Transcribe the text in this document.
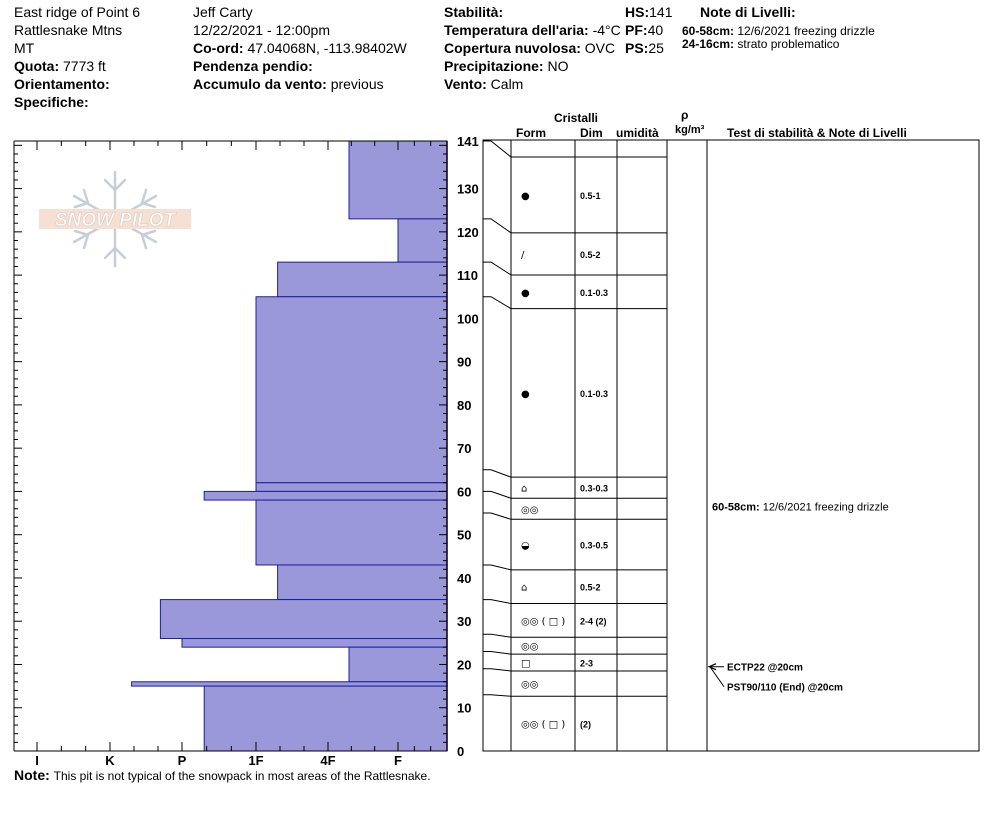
East ridge of Point 6
Rattlesnake Mtns
MT
Quota: 7773 ft
Orientamento:
Specifiche:
Jeff Carty
12/22/2021 - 12:00pm
Co-ord: 47.04068N, -113.98402W
Pendenza pendio:
Accumulo da vento: previous
Stabilità:
Temperatura dell'aria: -4°C
Copertura nuvolosa: OVC
Precipitazione: NO
Vento: Calm
HS:141
PF:40
PS:25
Note di Livelli:
60-58cm: 12/6/2021 freezing drizzle
24-16cm: strato problematico
Cristalli
Form	Dim umidità
ρ
kg/m³ Test di stabilità & Note di Livelli
SNOW PILOT
I	K	P	1F	4F	F
0
10
20
30
40
50
60
70
80
90
100
110
120
130
141
●	0.5-1
/	0.5-2
●	0.1-0.3
●	0.1-0.3
⌂	0.3-0.3
◎◎
◒	0.3-0.5
⌂	0.5-2
◎◎ ( □ ) 2-4 (2)
◎◎
□	2-3
◎◎
◎◎ ( □ ) (2)
60-58cm: 12/6/2021 freezing drizzle
ECTP22 @20cm
PST90/110 (End) @20cm
Note: This pit is not typical of the snowpack in most areas of the Rattlesnake.
